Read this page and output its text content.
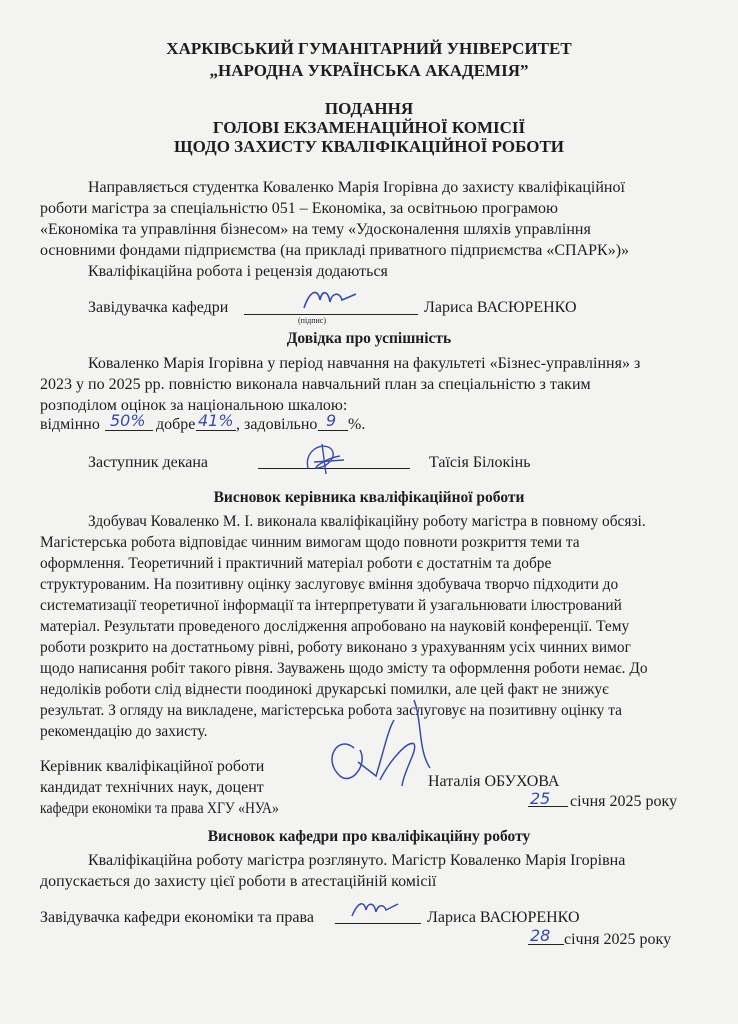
ХАРКІВСЬКИЙ ГУМАНІТАРНИЙ УНІВЕРСИТЕТ
„НАРОДНА УКРАЇНСЬКА АКАДЕМІЯ”
ПОДАННЯ
ГОЛОВІ ЕКЗАМЕНАЦІЙНОЇ КОМІСІЇ
ЩОДО ЗАХИСТУ КВАЛІФІКАЦІЙНОЇ РОБОТИ
Направляється студентка Коваленко Марія Ігорівна до захисту кваліфікаційної
роботи магістра за спеціальністю 051 – Економіка, за освітньою програмою
«Економіка та управління бізнесом» на тему «Удосконалення шляхів управління
основними фондами підприємства (на прикладі приватного підприємства «СПАРК»)»
Кваліфікаційна робота і рецензія додаються
Завідувачка кафедри
(підпис)
Лариса ВАСЮРЕНКО
Довідка про успішність
Коваленко Марія Ігорівна у період навчання на факультеті «Бізнес-управління» з
2023 у по 2025 рр. повністю виконала навчальний план за спеціальністю з таким
розподілом оцінок за національною шкалою:
відмінно 50% добре 41% , задовільно 9 %.
Заступник декана	Таїсія Білокінь
Висновок керівника кваліфікаційної роботи
Здобувач Коваленко М. І. виконала кваліфікаційну роботу магістра в повному обсязі.
Магістерська робота відповідає чинним вимогам щодо повноти розкриття теми та
оформлення. Теоретичний і практичний матеріал роботи є достатнім та добре
структурованим. На позитивну оцінку заслуговує вміння здобувача творчо підходити до
систематизації теоретичної інформації та інтерпретувати й узагальнювати ілюстрований
матеріал. Результати проведеного дослідження апробовано на науковій конференції. Тему
роботи розкрито на достатньому рівні, роботу виконано з урахуванням усіх чинних вимог
щодо написання робіт такого рівня. Зауважень щодо змісту та оформлення роботи немає. До
недоліків роботи слід віднести поодинокі друкарські помилки, але цей факт не знижує
результат. З огляду на викладене, магістерська робота заслуговує на позитивну оцінку та
рекомендацію до захисту.
Керівник кваліфікаційної роботи
кандидат технічних наук, доцент
кафедри економіки та права ХГУ «НУА»
Наталія ОБУХОВА
25 січня 2025 року
Висновок кафедри про кваліфікаційну роботу
Кваліфікаційна роботу магістра розглянуто. Магістр Коваленко Марія Ігорівна
допускається до захисту цієї роботи в атестаційній комісії
Завідувачка кафедри економіки та права	Лариса ВАСЮРЕНКО
28 січня 2025 року
